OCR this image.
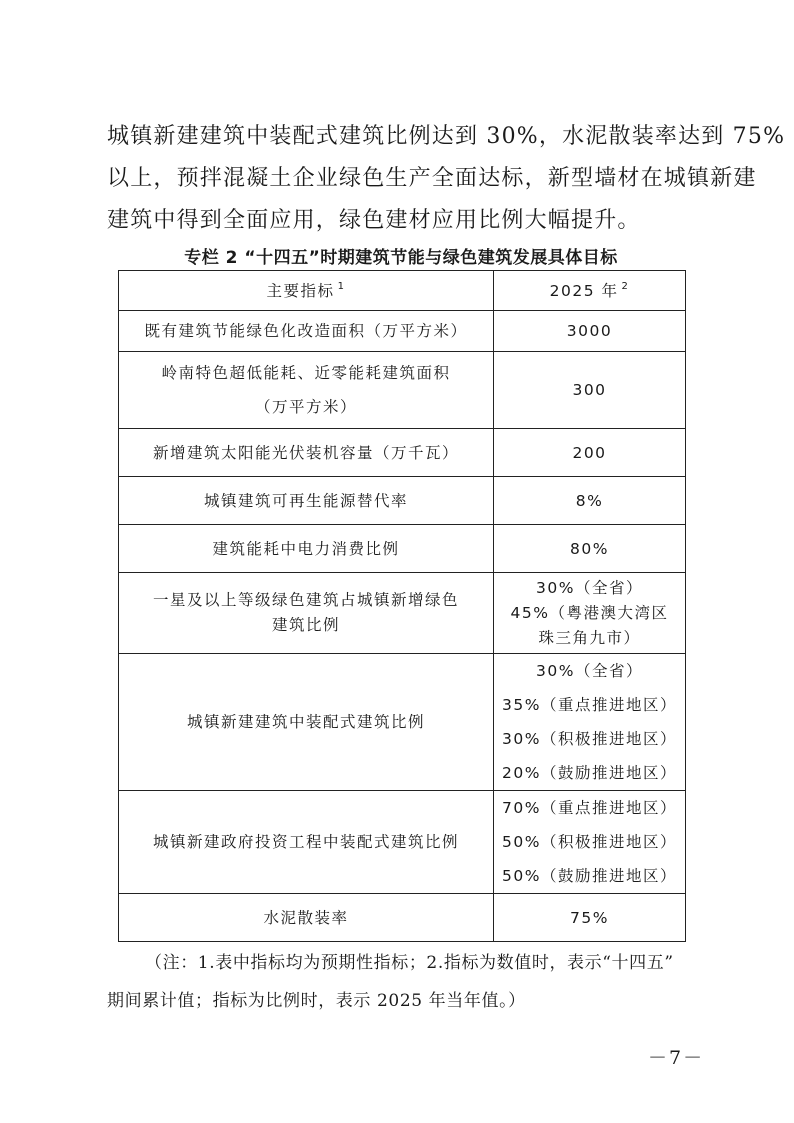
城镇新建建筑中装配式建筑比例达到 30%，水泥散装率达到 75%
以上，预拌混凝土企业绿色生产全面达标，新型墙材在城镇新建
建筑中得到全面应用，绿色建材应用比例大幅提升。
专栏 2 “十四五”时期建筑节能与绿色建筑发展具体目标
主要指标 $^1$	2025 年 $^2$

既有建筑节能绿色化改造面积（万平方米）	3000

岭南特色超低能耗、近零能耗建筑面积
（万平方米）	300

新增建筑太阳能光伏装机容量（万千瓦）	200

城镇建筑可再生能源替代率	8%

建筑能耗中电力消费比例	80%

一星及以上等级绿色建筑占城镇新增绿色
建筑比例	30%（全省）
45%（粤港澳大湾区
珠三角九市）

城镇新建建筑中装配式建筑比例	30%（全省）
35%（重点推进地区）
30%（积极推进地区）
20%（鼓励推进地区）

城镇新建政府投资工程中装配式建筑比例	70%（重点推进地区）
50%（积极推进地区）
50%（鼓励推进地区）

水泥散装率	75%
（注：1.表中指标均为预期性指标；2.指标为数值时，表示“十四五”
期间累计值；指标为比例时，表示 2025 年当年值。）
－7－
